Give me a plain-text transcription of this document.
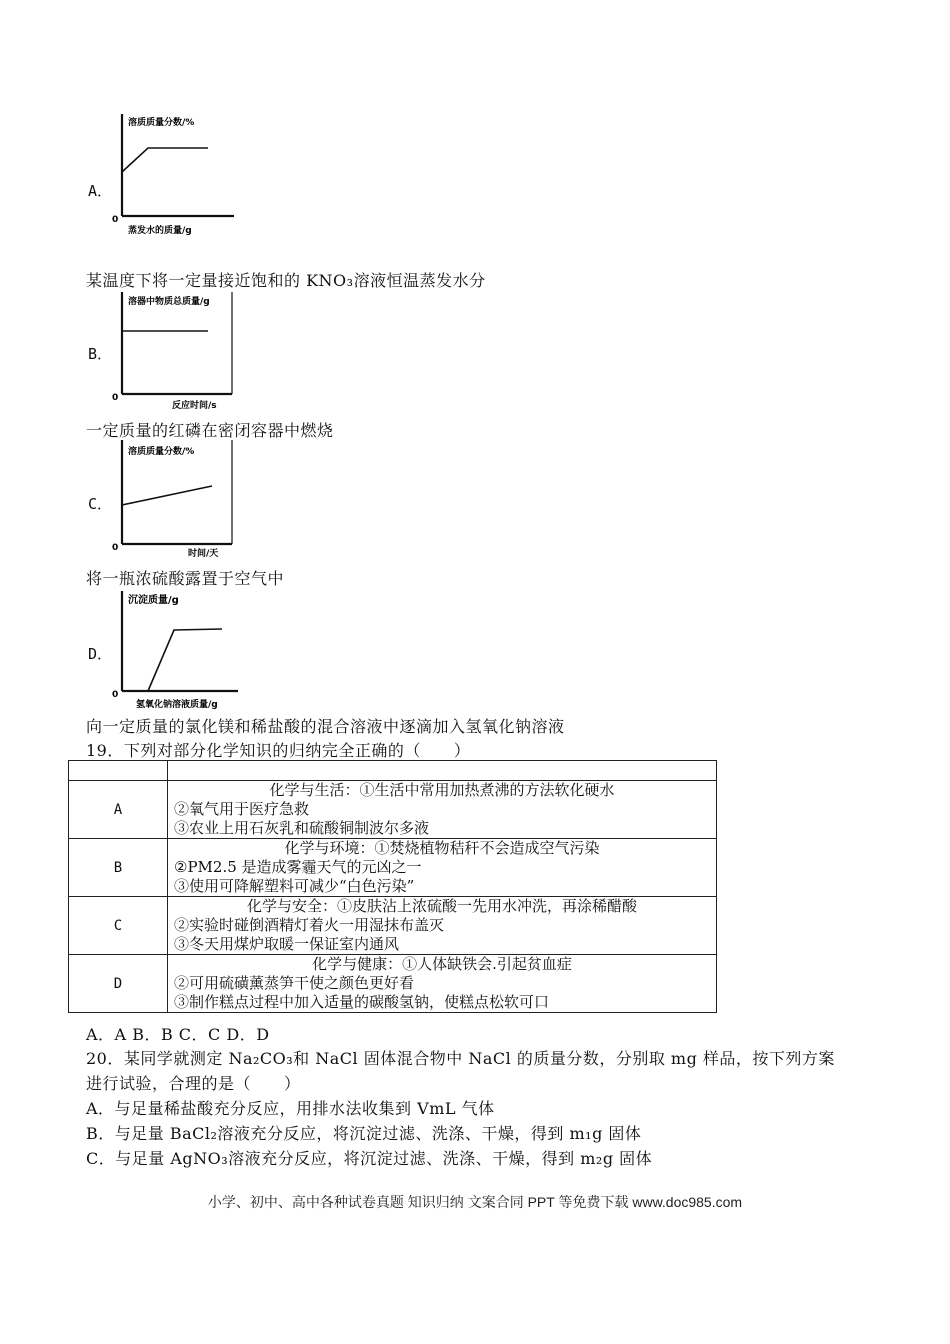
A．
溶质质量分数/%
0
蒸发水的质量/g
某温度下将一定量接近饱和的 KNO₃溶液恒温蒸发水分
B．
溶器中物质总质量/g
0
反应时间/s
一定质量的红磷在密闭容器中燃烧
C．
溶质质量分数/%
0
时间/天
将一瓶浓硫酸露置于空气中
D．
沉淀质量/g
0
氢氧化钠溶液质量/g
向一定质量的氯化镁和稀盐酸的混合溶液中逐滴加入氢氧化钠溶液
19．下列对部分化学知识的归纳完全正确的（　　）

A	化学与生活：①生活中常用加热煮沸的方法软化硬水
②氧气用于医疗急救
③农业上用石灰乳和硫酸铜制波尔多液

B	化学与环境：①焚烧植物秸秆不会造成空气污染
②PM2.5 是造成雾霾天气的元凶之一
③使用可降解塑料可减少“白色污染”

C	化学与安全：①皮肤沾上浓硫酸一先用水冲洗，再涂稀醋酸
②实验时碰倒酒精灯着火一用湿抹布盖灭
③冬天用煤炉取暖一保证室内通风

D	化学与健康：①人体缺铁会.引起贫血症
②可用硫磺薰蒸笋干使之颜色更好看
③制作糕点过程中加入适量的碳酸氢钠，使糕点松软可口
A．A B．B C．C D．D
20．某同学就测定 Na₂CO₃和 NaCl 固体混合物中 NaCl 的质量分数，分别取 mg 样品，按下列方案
进行试验，合理的是（　　）
A．与足量稀盐酸充分反应，用排水法收集到 VmL 气体
B．与足量 BaCl₂溶液充分反应，将沉淀过滤、洗涤、干燥，得到 m₁g 固体
C．与足量 AgNO₃溶液充分反应，将沉淀过滤、洗涤、干燥，得到 m₂g 固体
小学、初中、高中各种试卷真题 知识归纳 文案合同 PPT 等免费下载 www.doc985.com
